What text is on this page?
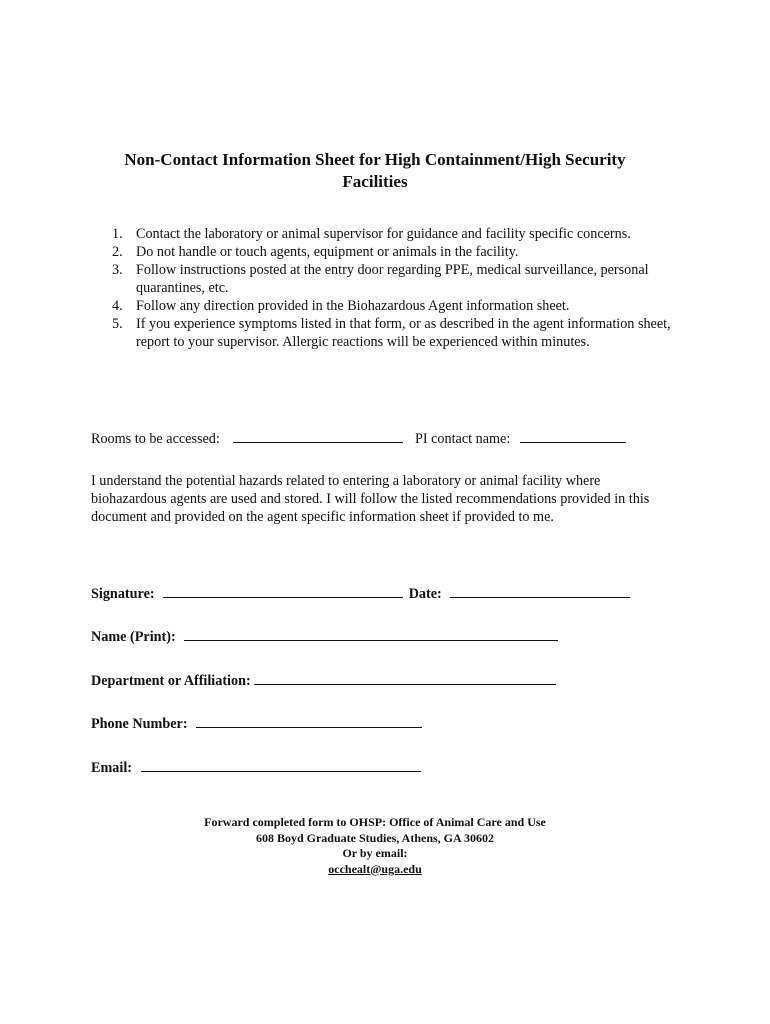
Non-Contact Information Sheet for High Containment/High Security
Facilities
1. Contact the laboratory or animal supervisor for guidance and facility specific concerns.
2. Do not handle or touch agents, equipment or animals in the facility.
3. Follow instructions posted at the entry door regarding PPE, medical surveillance, personal quarantines, etc.
4. Follow any direction provided in the Biohazardous Agent information sheet.
5. If you experience symptoms listed in that form, or as described in the agent information sheet, report to your supervisor. Allergic reactions will be experienced within minutes.
Rooms to be accessed:	PI contact name:
I understand the potential hazards related to entering a laboratory or animal facility where biohazardous agents are used and stored. I will follow the listed recommendations provided in this document and provided on the agent specific information sheet if provided to me.
Signature:	Date:
Name (Print):
Department or Affiliation:
Phone Number:
Email:
Forward completed form to OHSP: Office of Animal Care and Use
608 Boyd Graduate Studies, Athens, GA 30602
Or by email:
occhealt@uga.edu
